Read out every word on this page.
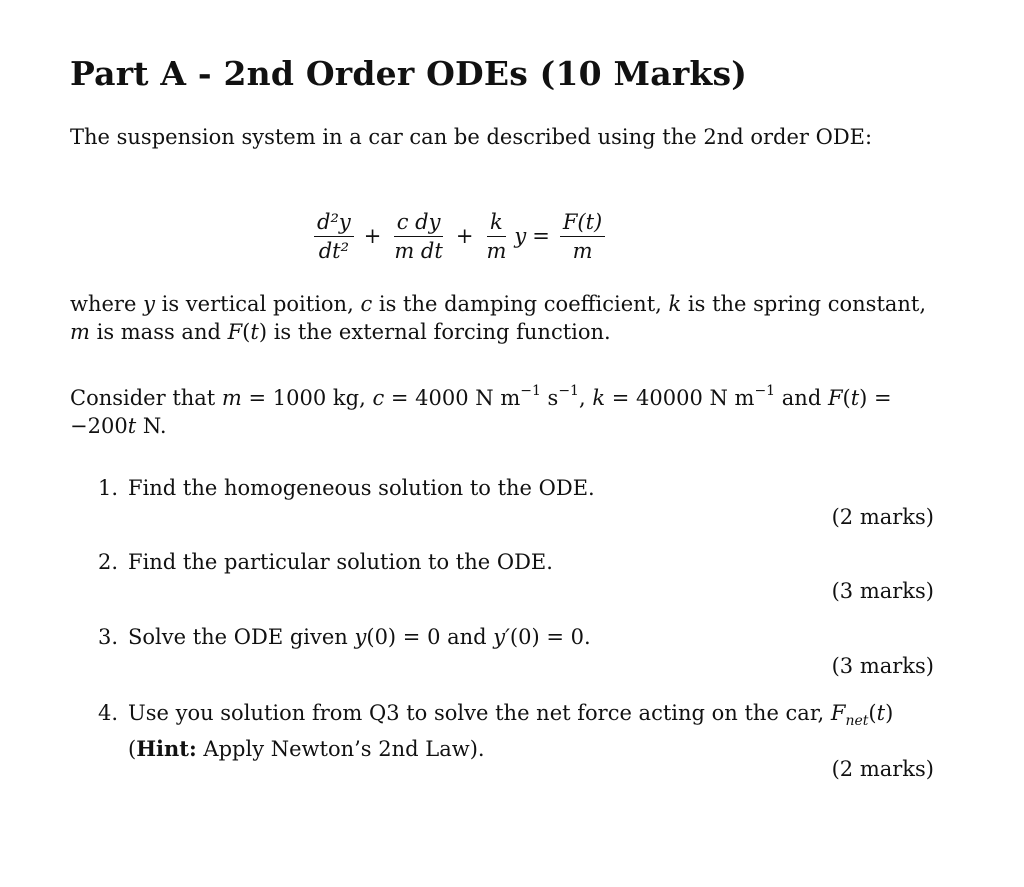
Part A - 2nd Order ODEs (10 Marks)

The suspension system in a car can be described using the 2nd order ODE:

$\frac{\text{d²y}}{\text{dt²}} + \frac{\text{c dy}}{\text{m dt}} + \frac{k}{m}$ $y = \frac{F(t)}{m}$

where y is vertical poition, c is the damping coefficient, k is the spring constant,
m is mass and F(t) is the external forcing function.

Consider that m = 1000 kg, c = 4000 N $m^{-1}$ $s^{-1}$, k = 40000 N $m^{-1}$ and F(t) =
−200t N.

1. Find the homogeneous solution to the ODE.

(2 marks)

2. Find the particular solution to the ODE.

(3 marks)

3. Solve the ODE given y(0) = 0 and y′(0) = 0.

(3 marks)

4. Use you solution from Q3 to solve the net force acting on the car, $F_{net}(t)$
(Hint: Apply Newton’s 2nd Law).

(2 marks)
